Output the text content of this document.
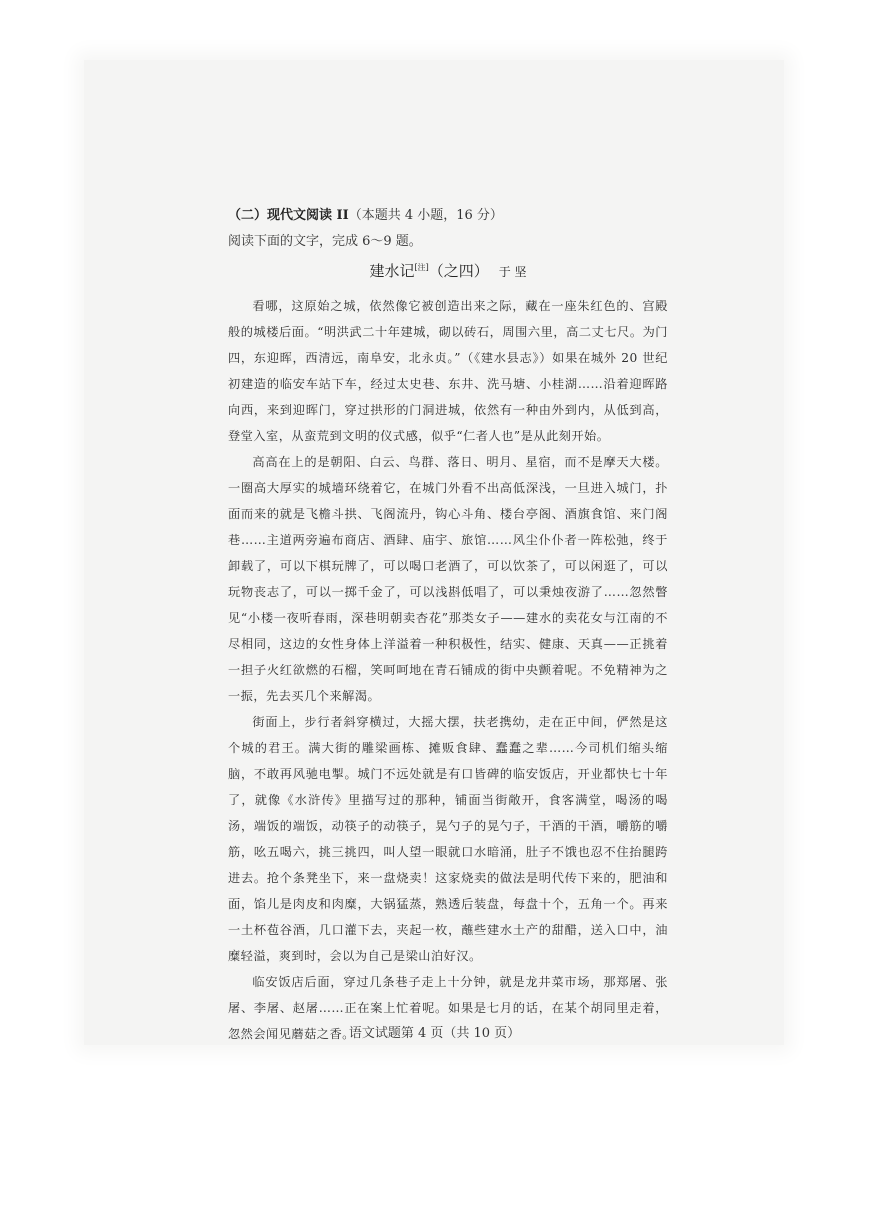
（二）现代文阅读 II（本题共 4 小题，16 分）
阅读下面的文字，完成 6～9 题。
建水记[注]（之四） 于 坚

看哪，这原始之城，依然像它被创造出来之际，藏在一座朱红色的、宫殿般的城楼后面。“明洪武二十年建城，砌以砖石，周围六里，高二丈七尺。为门四，东迎晖，西清远，南阜安，北永贞。”（《建水县志》）如果在城外 20 世纪初建造的临安车站下车，经过太史巷、东井、洗马塘、小桂湖……沿着迎晖路向西，来到迎晖门，穿过拱形的门洞进城，依然有一种由外到内，从低到高，登堂入室，从蛮荒到文明的仪式感，似乎“仁者人也”是从此刻开始。

高高在上的是朝阳、白云、鸟群、落日、明月、星宿，而不是摩天大楼。一圈高大厚实的城墙环绕着它，在城门外看不出高低深浅，一旦进入城门，扑面而来的就是飞檐斗拱、飞阁流丹，钩心斗角、楼台亭阁、酒旗食馆、来门阁巷……主道两旁遍布商店、酒肆、庙宇、旅馆……风尘仆仆者一阵松弛，终于卸载了，可以下棋玩牌了，可以喝口老酒了，可以饮茶了，可以闲逛了，可以玩物丧志了，可以一掷千金了，可以浅斟低唱了，可以秉烛夜游了……忽然瞥见“小楼一夜听春雨，深巷明朝卖杏花”那类女子——建水的卖花女与江南的不尽相同，这边的女性身体上洋溢着一种积极性，结实、健康、天真——正挑着一担子火红欲燃的石榴，笑呵呵地在青石铺成的街中央颤着呢。不免精神为之一振，先去买几个来解渴。

街面上，步行者斜穿横过，大摇大摆，扶老携幼，走在正中间，俨然是这个城的君王。满大街的雕梁画栋、摊贩食肆、蠢蠢之辈……今司机们缩头缩脑，不敢再风驰电掣。城门不远处就是有口皆碑的临安饭店，开业都快七十年了，就像《水浒传》里描写过的那种，铺面当街敞开，食客满堂，喝汤的喝汤，端饭的端饭，动筷子的动筷子，晃勺子的晃勺子，干酒的干酒，嚼筋的嚼筋，吆五喝六，挑三挑四，叫人望一眼就口水暗涌，肚子不饿也忍不住抬腿跨进去。抢个条凳坐下，来一盘烧卖！这家烧卖的做法是明代传下来的，肥油和面，馅儿是肉皮和肉糜，大锅猛蒸，熟透后装盘，每盘十个，五角一个。再来一土杯苞谷酒，几口灌下去，夹起一枚，蘸些建水土产的甜醋，送入口中，油糜轻溢，爽到时，会以为自己是梁山泊好汉。

临安饭店后面，穿过几条巷子走上十分钟，就是龙井菜市场，那郑屠、张屠、李屠、赵屠……正在案上忙着呢。如果是七月的话，在某个胡同里走着，忽然会闻见蘑菇之香。

语文试题第 4 页（共 10 页）
